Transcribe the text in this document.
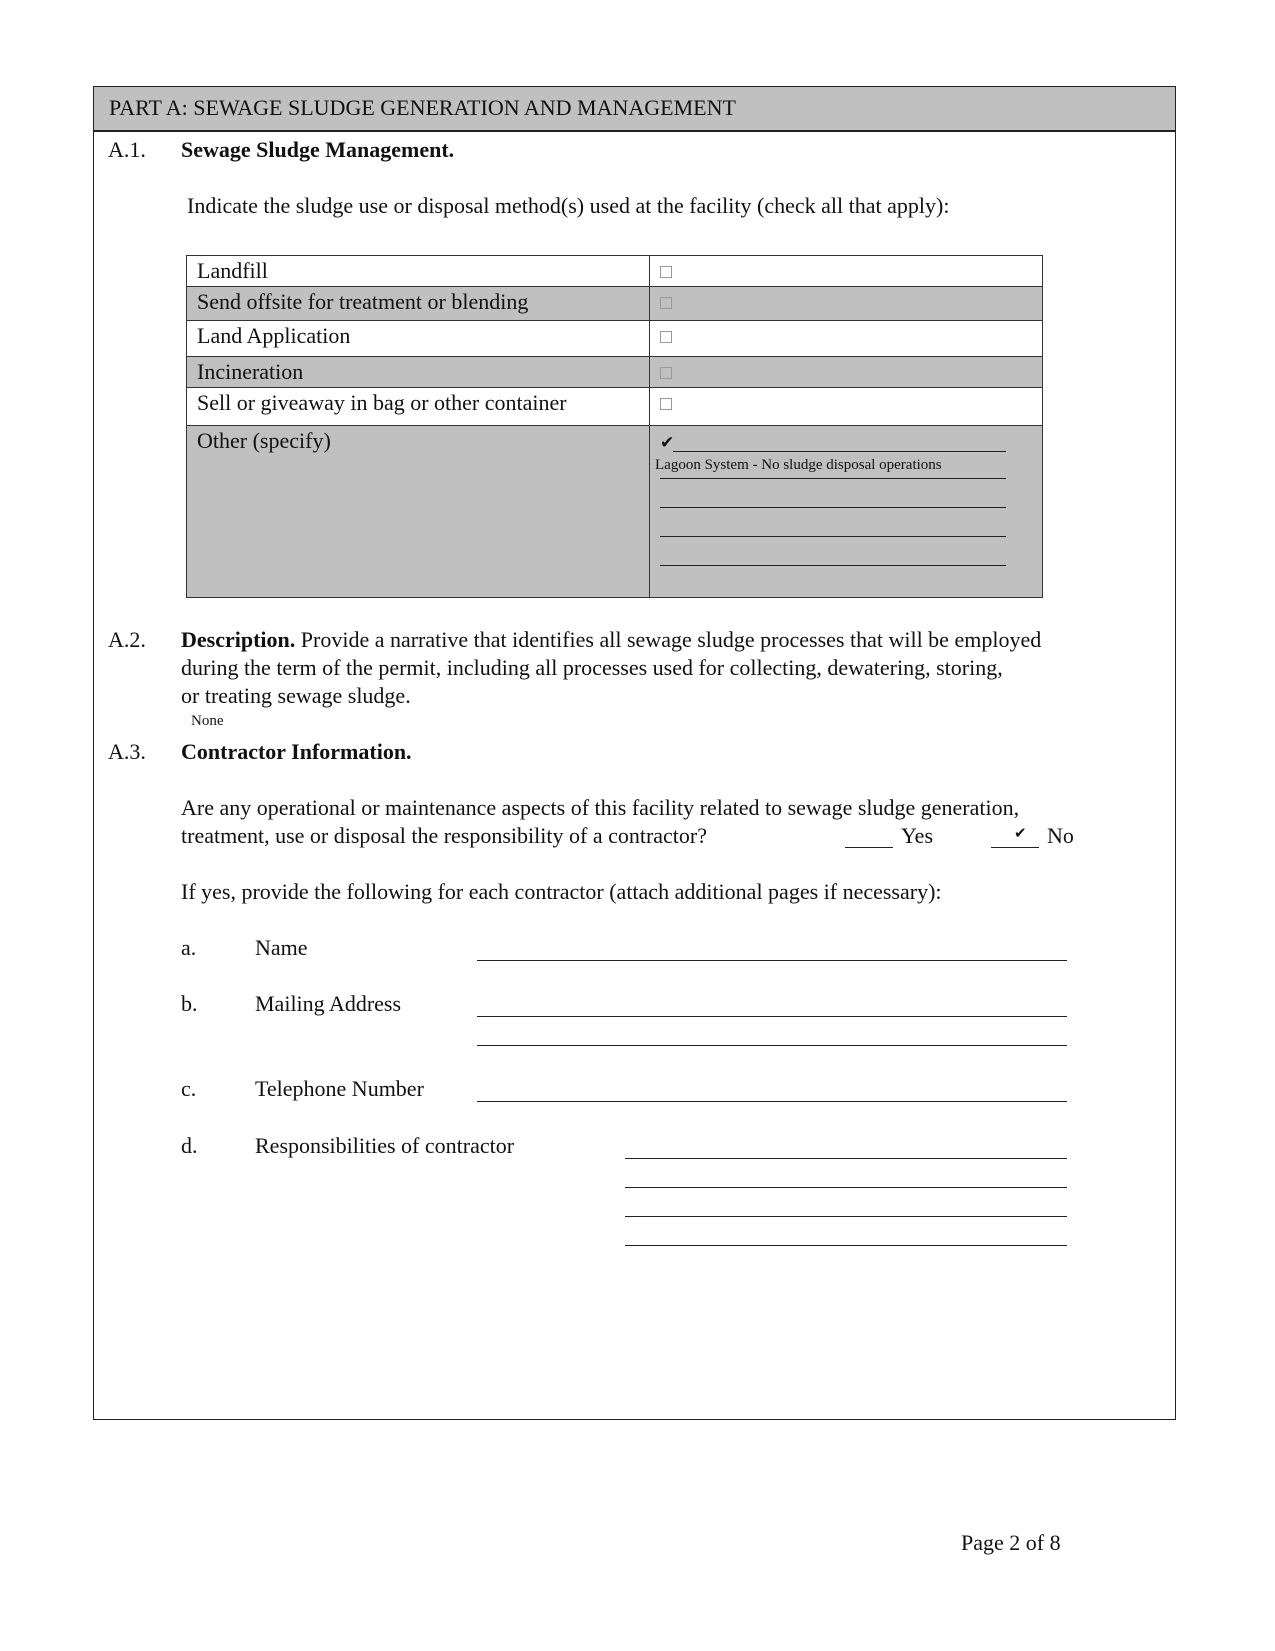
PART A: SEWAGE SLUDGE GENERATION AND MANAGEMENT
A.1. Sewage Sludge Management.
Indicate the sludge use or disposal method(s) used at the facility (check all that apply):
Landfill	
Send offsite for treatment or blending	
Land Application	
Incineration	
Sell or giveaway in bag or other container	
Other (specify)	✔
Lagoon System - No sludge disposal operations
A.2. Description. Provide a narrative that identifies all sewage sludge processes that will be employed
during the term of the permit, including all processes used for collecting, dewatering, storing,
or treating sewage sludge.
None
A.3. Contractor Information.
Are any operational or maintenance aspects of this facility related to sewage sludge generation,
treatment, use or disposal the responsibility of a contractor?	Yes	✔ No
If yes, provide the following for each contractor (attach additional pages if necessary):
a.	Name
b.	Mailing Address
c.	Telephone Number
d.	Responsibilities of contractor
Page 2 of 8
